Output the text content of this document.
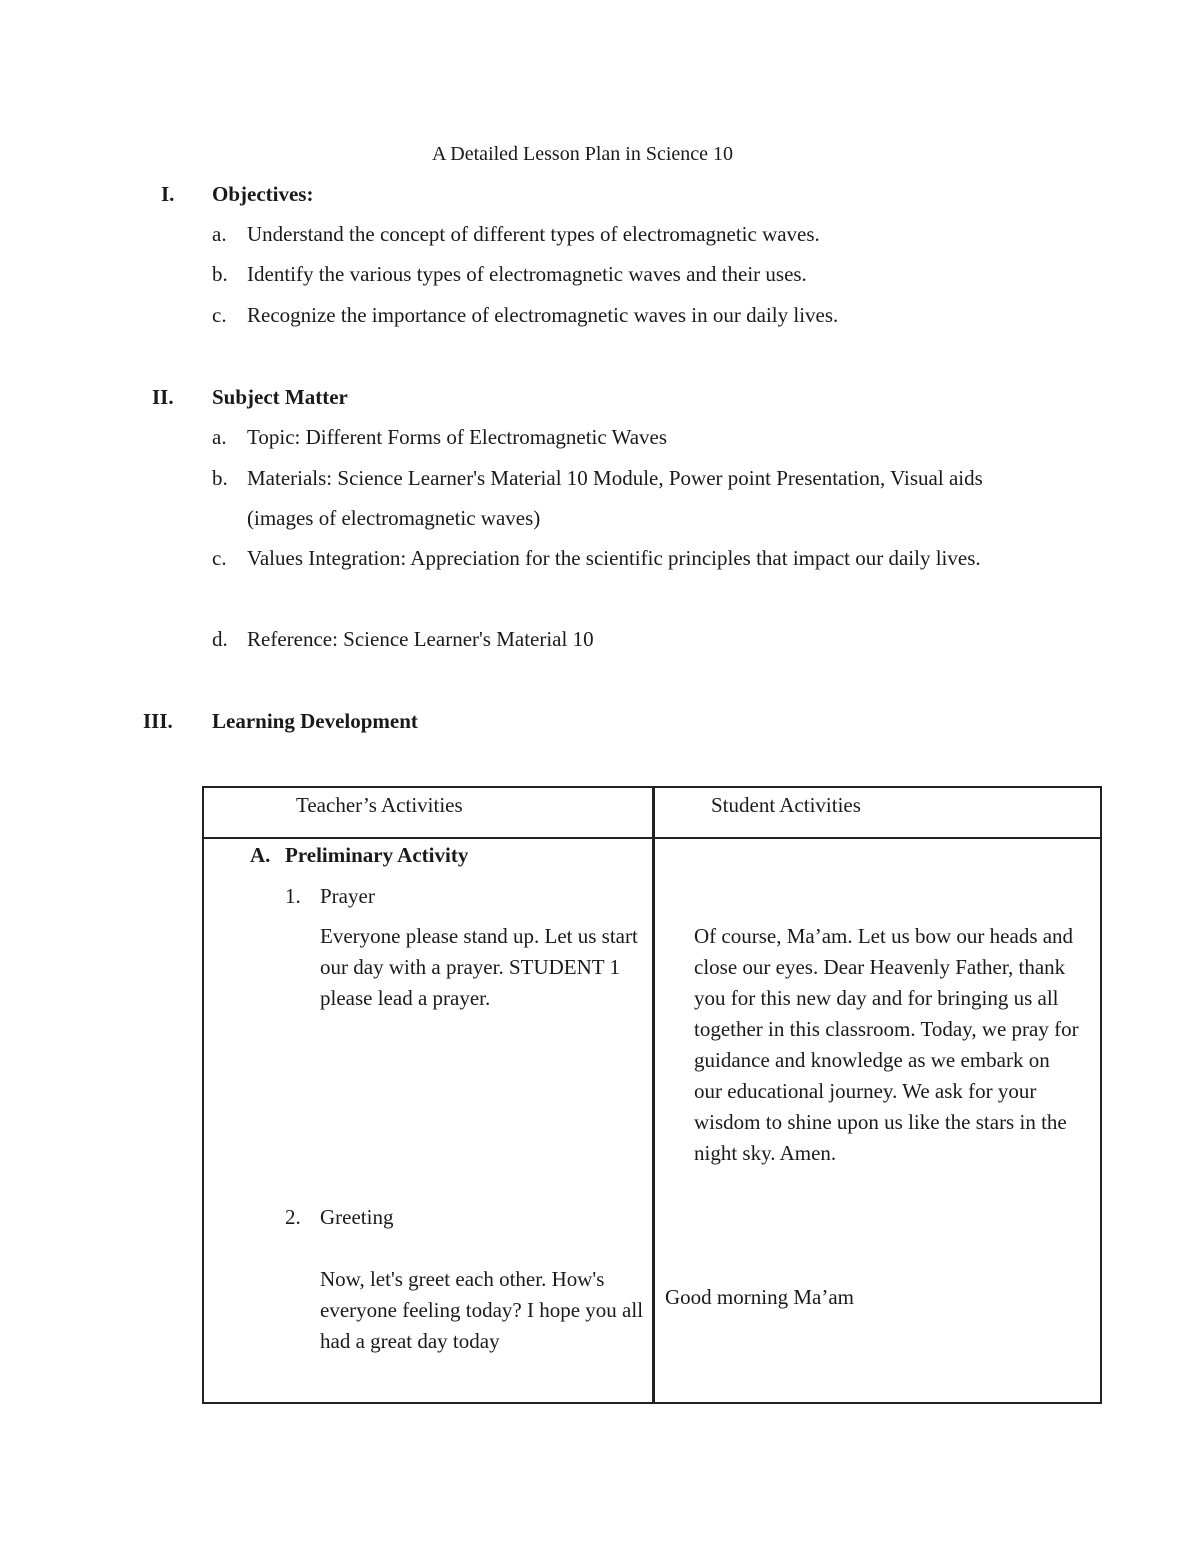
A Detailed Lesson Plan in Science 10
I. Objectives:
a. Understand the concept of different types of electromagnetic waves.
b. Identify the various types of electromagnetic waves and their uses.
c. Recognize the importance of electromagnetic waves in our daily lives.
II. Subject Matter
a. Topic: Different Forms of Electromagnetic Waves
b. Materials: Science Learner's Material 10 Module, Power point Presentation, Visual aids (images of electromagnetic waves)
c. Values Integration: Appreciation for the scientific principles that impact our daily lives.
d. Reference: Science Learner's Material 10
III. Learning Development
Teacher’s Activities	Student Activities
A. Preliminary Activity
1. Prayer
Everyone please stand up. Let us start our day with a prayer. STUDENT 1 please lead a prayer.
Of course, Ma’am. Let us bow our heads and close our eyes. Dear Heavenly Father, thank you for this new day and for bringing us all together in this classroom. Today, we pray for guidance and knowledge as we embark on our educational journey. We ask for your wisdom to shine upon us like the stars in the night sky. Amen.
2. Greeting
Now, let's greet each other. How's everyone feeling today? I hope you all had a great day today
Good morning Ma’am
